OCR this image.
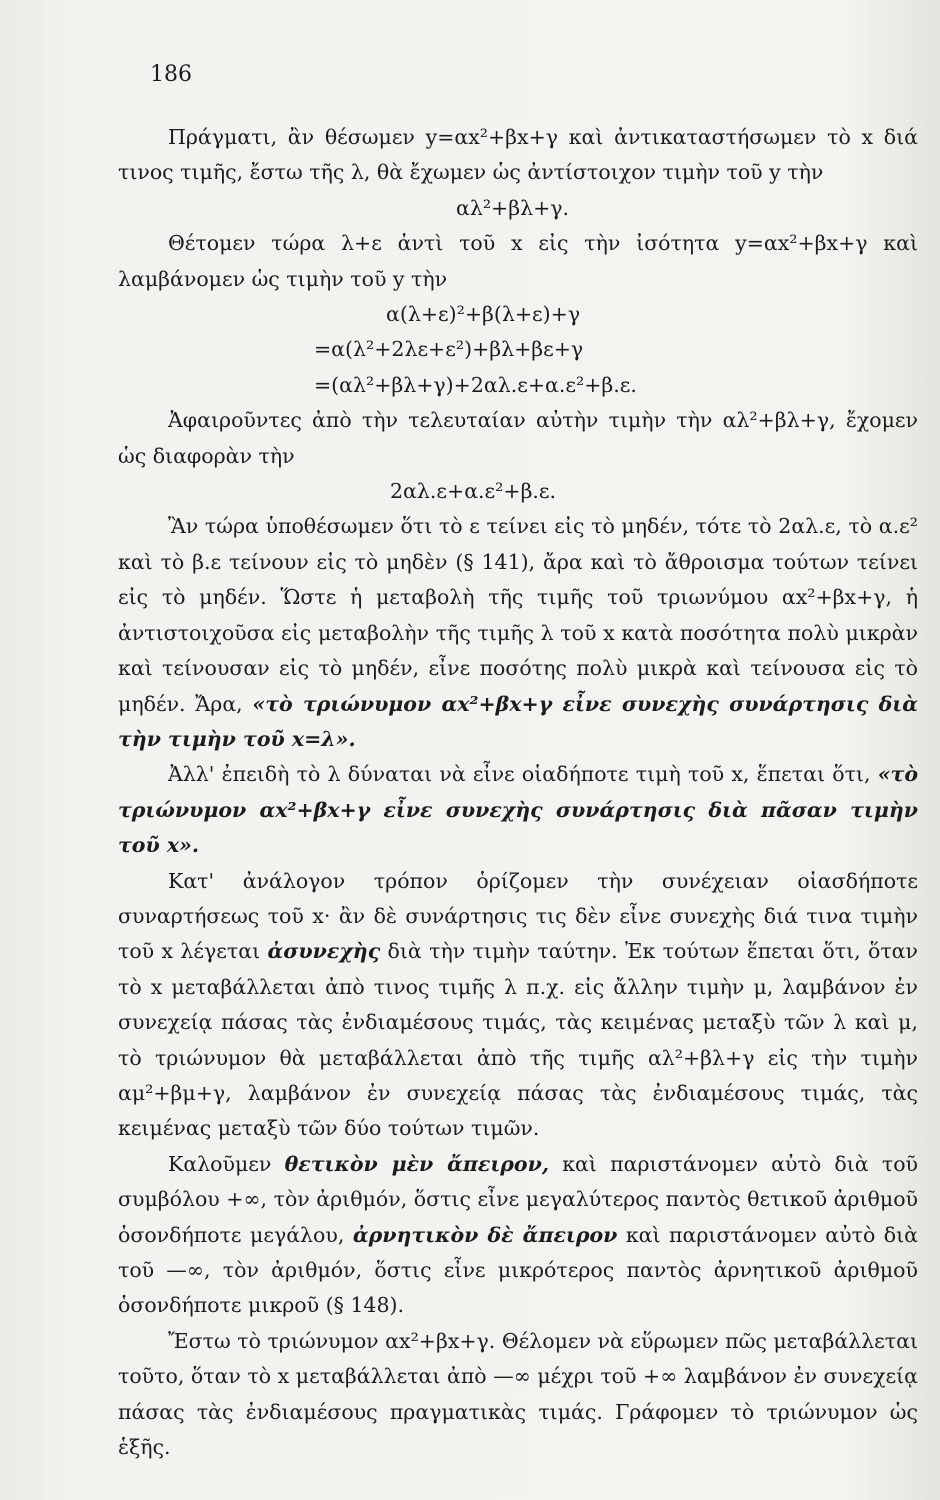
186

Πράγματι, ἂν θέσωμεν y=αx²+βx+γ καὶ ἀντικαταστήσωμεν τὸ x διά τινος τιμῆς, ἔστω τῆς λ, θὰ ἔχωμεν ὡς ἀντίστοιχον τιμὴν τοῦ y τὴν

αλ²+βλ+γ.

Θέτομεν τώρα λ+ε ἀντὶ τοῦ x εἰς τὴν ἰσότητα y=αx²+βx+γ καὶ λαμβάνομεν ὡς τιμὴν τοῦ y τὴν

α(λ+ε)²+β(λ+ε)+γ

=α(λ²+2λε+ε²)+βλ+βε+γ

=(αλ²+βλ+γ)+2αλ.ε+α.ε²+β.ε.

Ἀφαιροῦντες ἀπὸ τὴν τελευταίαν αὐτὴν τιμὴν τὴν αλ²+βλ+γ, ἔχομεν ὡς διαφορὰν τὴν

2αλ.ε+α.ε²+β.ε.

Ἂν τώρα ὑποθέσωμεν ὅτι τὸ ε τείνει εἰς τὸ μηδέν, τότε τὸ 2αλ.ε, τὸ α.ε² καὶ τὸ β.ε τείνουν εἰς τὸ μηδὲν (§ 141), ἄρα καὶ τὸ ἄθροισμα τούτων τείνει εἰς τὸ μηδέν. Ὥστε ἡ μεταβολὴ τῆς τιμῆς τοῦ τριωνύμου αx²+βx+γ, ἡ ἀντιστοιχοῦσα εἰς μεταβολὴν τῆς τιμῆς λ τοῦ x κατὰ ποσότητα πολὺ μικρὰν καὶ τείνουσαν εἰς τὸ μηδέν, εἶνε ποσότης πολὺ μικρὰ καὶ τείνουσα εἰς τὸ μηδέν. Ἄρα, «τὸ τριώνυμον αx²+βx+γ εἶνε συνεχὴς συνάρτησις διὰ τὴν τιμὴν τοῦ x=λ».

Ἀλλ' ἐπειδὴ τὸ λ δύναται νὰ εἶνε οἱαδήποτε τιμὴ τοῦ x, ἕπεται ὅτι, «τὸ τριώνυμον αx²+βx+γ εἶνε συνεχὴς συνάρτησις διὰ πᾶσαν τιμὴν τοῦ x».

Κατ' ἀνάλογον τρόπον ὁρίζομεν τὴν συνέχειαν οἱασδήποτε συναρτήσεως τοῦ x· ἂν δὲ συνάρτησις τις δὲν εἶνε συνεχὴς διά τινα τιμὴν τοῦ x λέγεται ἀσυνεχὴς διὰ τὴν τιμὴν ταύτην. Ἐκ τούτων ἕπεται ὅτι, ὅταν τὸ x μεταβάλλεται ἀπὸ τινος τιμῆς λ π.χ. εἰς ἄλλην τιμὴν μ, λαμβάνον ἐν συνεχείᾳ πάσας τὰς ἐνδιαμέσους τιμάς, τὰς κειμένας μεταξὺ τῶν λ καὶ μ, τὸ τριώνυμον θὰ μεταβάλλεται ἀπὸ τῆς τιμῆς αλ²+βλ+γ εἰς τὴν τιμὴν αμ²+βμ+γ, λαμβάνον ἐν συνεχείᾳ πάσας τὰς ἐνδιαμέσους τιμάς, τὰς κειμένας μεταξὺ τῶν δύο τούτων τιμῶν.

Καλοῦμεν θετικὸν μὲν ἄπειρον, καὶ παριστάνομεν αὐτὸ διὰ τοῦ συμβόλου +∞, τὸν ἀριθμόν, ὅστις εἶνε μεγαλύτερος παντὸς θετικοῦ ἀριθμοῦ ὁσονδήποτε μεγάλου, ἀρνητικὸν δὲ ἄπειρον καὶ παριστάνομεν αὐτὸ διὰ τοῦ —∞, τὸν ἀριθμόν, ὅστις εἶνε μικρότερος παντὸς ἀρνητικοῦ ἀριθμοῦ ὁσονδήποτε μικροῦ (§ 148).

Ἔστω τὸ τριώνυμον αx²+βx+γ. Θέλομεν νὰ εὕρωμεν πῶς μεταβάλλεται τοῦτο, ὅταν τὸ x μεταβάλλεται ἀπὸ —∞ μέχρι τοῦ +∞ λαμβάνον ἐν συνεχείᾳ πάσας τὰς ἐνδιαμέσους πραγματικὰς τιμάς. Γράφομεν τὸ τριώνυμον ὡς ἑξῆς.
